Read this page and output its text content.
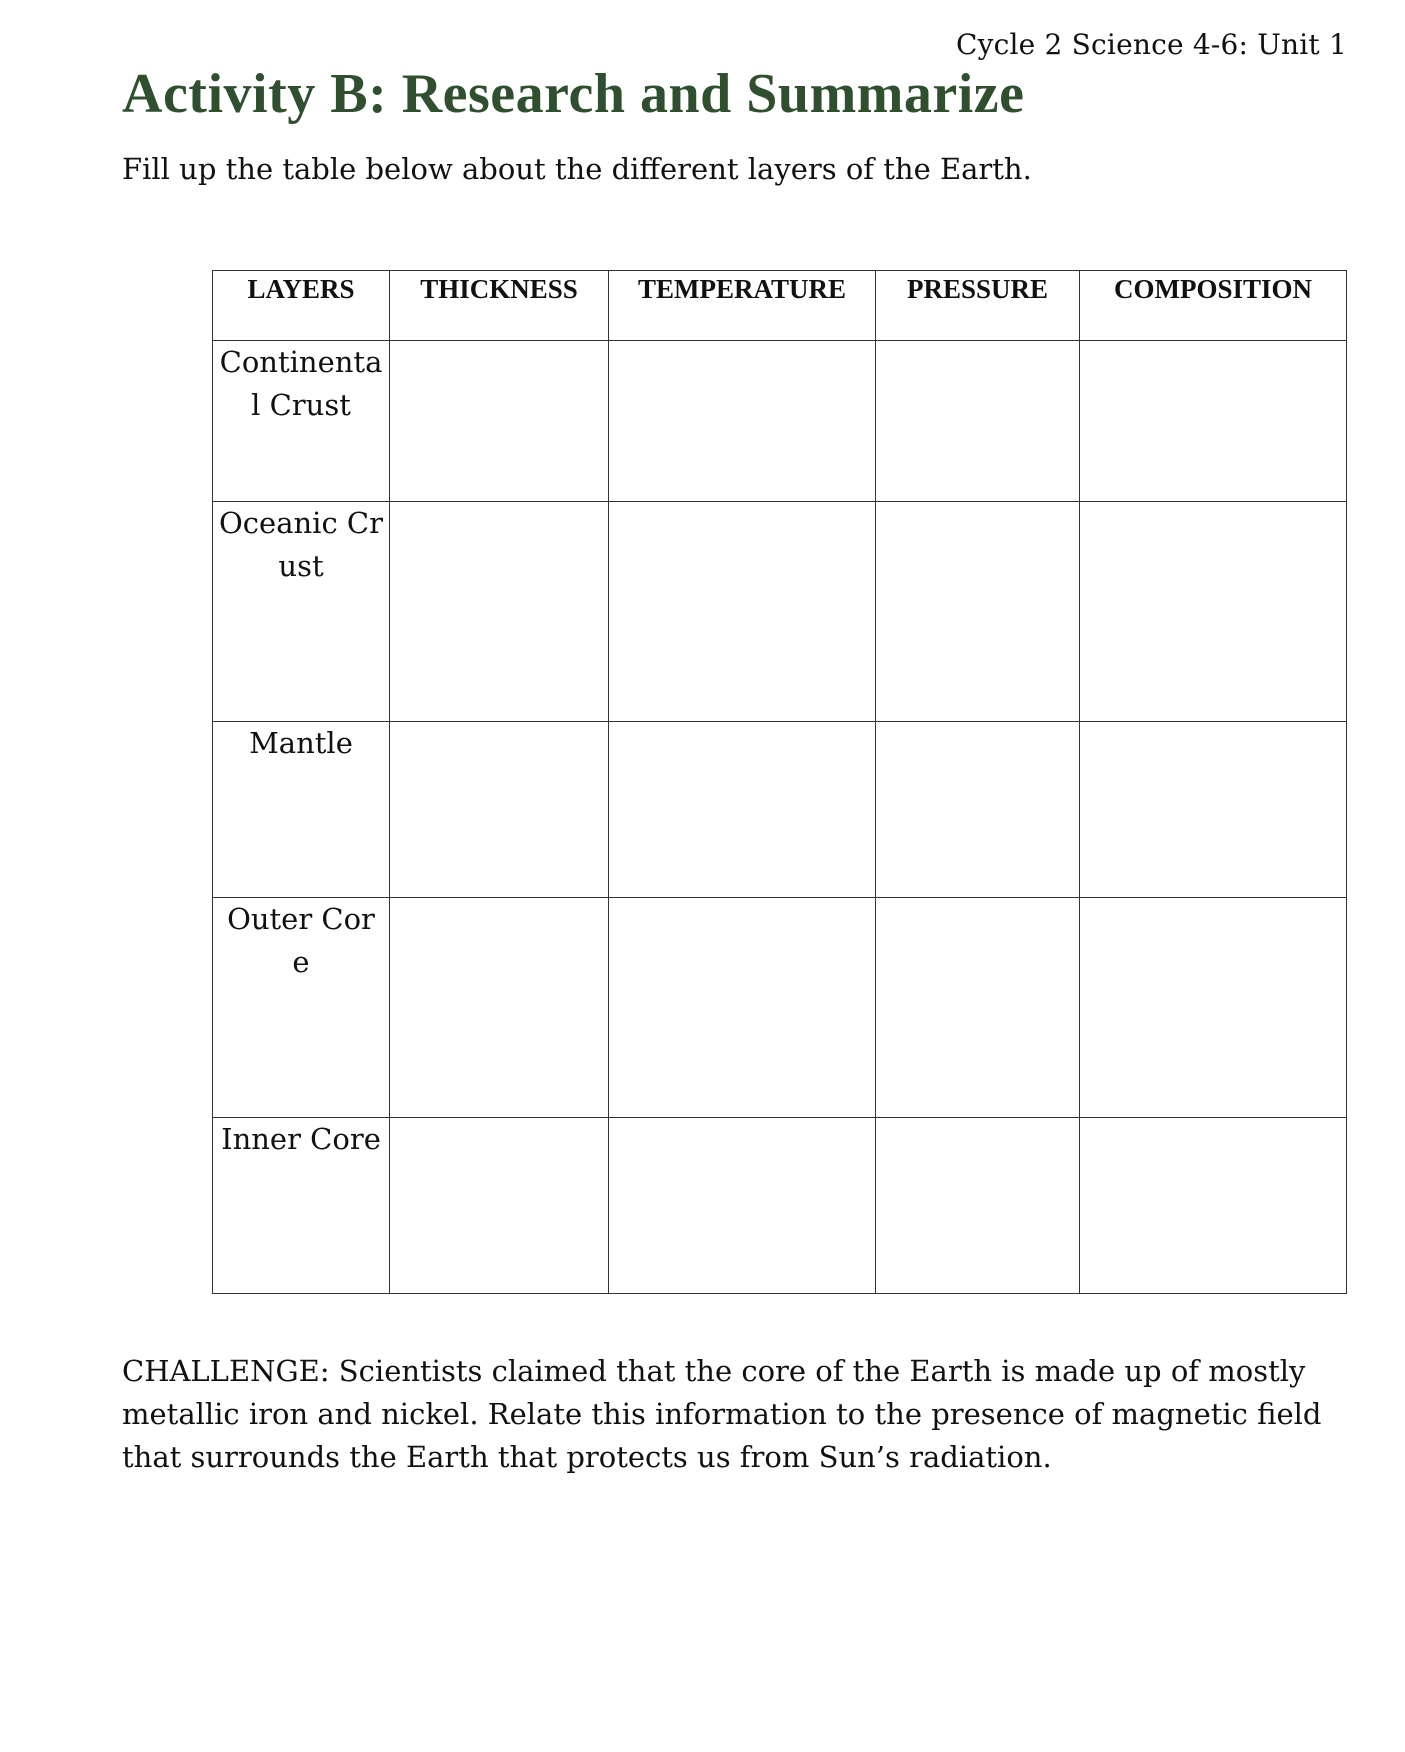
Cycle 2 Science 4-6: Unit 1
Activity B: Research and Summarize
Fill up the table below about the different layers of the Earth.
LAYERS	THICKNESS	TEMPERATURE	PRESSURE	COMPOSITION

Continental Crust				

Oceanic Crust				

Mantle				

Outer Core				

Inner Core				

CHALLENGE: Scientists claimed that the core of the Earth is made up of mostly metallic iron and nickel. Relate this information to the presence of magnetic field that surrounds the Earth that protects us from Sun’s radiation.
